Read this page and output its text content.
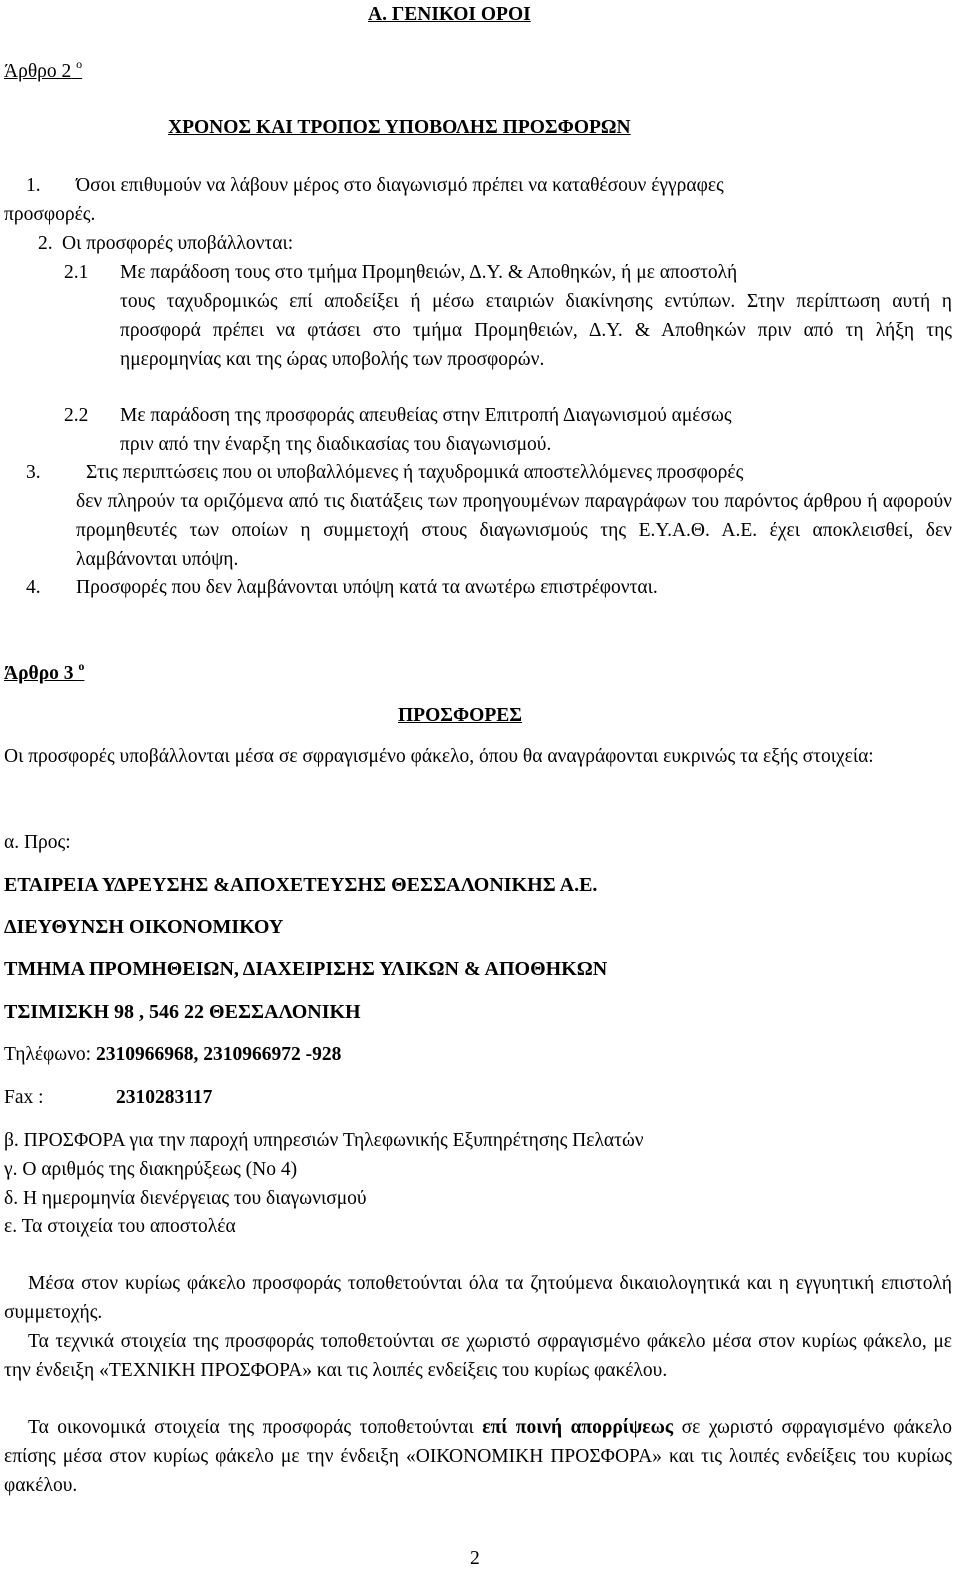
Α. ΓΕΝΙΚΟΙ ΟΡΟΙ
Άρθρο 2 $^o$
ΧΡΟΝΟΣ ΚΑΙ ΤΡΟΠΟΣ ΥΠΟΒΟΛΗΣ ΠΡΟΣΦΟΡΩΝ
1. Όσοι επιθυμούν να λάβουν μέρος στο διαγωνισμό πρέπει να καταθέσουν έγγραφες
προσφορές.
2. Οι προσφορές υποβάλλονται:
2.1 Με παράδοση τους στο τμήμα Προμηθειών, Δ.Υ. & Αποθηκών, ή με αποστολή
τους ταχυδρομικώς επί αποδείξει ή μέσω εταιριών διακίνησης εντύπων. Στην περίπτωση αυτή η προσφορά πρέπει να φτάσει στο τμήμα Προμηθειών, Δ.Υ. & Αποθηκών πριν από τη λήξη της ημερομηνίας και της ώρας υποβολής των προσφορών.
2.2 Με παράδοση της προσφοράς απευθείας στην Επιτροπή Διαγωνισμού αμέσως
πριν από την έναρξη της διαδικασίας του διαγωνισμού.
3. Στις περιπτώσεις που οι υποβαλλόμενες ή ταχυδρομικά αποστελλόμενες προσφορές
δεν πληρούν τα οριζόμενα από τις διατάξεις των προηγουμένων παραγράφων του παρόντος άρθρου ή αφορούν προμηθευτές των οποίων η συμμετοχή στους διαγωνισμούς της Ε.Υ.Α.Θ. Α.Ε. έχει αποκλεισθεί, δεν λαμβάνονται υπόψη.
4. Προσφορές που δεν λαμβάνονται υπόψη κατά τα ανωτέρω επιστρέφονται.
Άρθρο 3 $^o$
ΠΡΟΣΦΟΡΕΣ
Οι προσφορές υποβάλλονται μέσα σε σφραγισμένο φάκελο, όπου θα αναγράφονται ευκρινώς τα εξής στοιχεία:
α. Προς:
ΕΤΑΙΡΕΙΑ ΥΔΡΕΥΣΗΣ &ΑΠΟΧΕΤΕΥΣΗΣ ΘΕΣΣΑΛΟΝΙΚΗΣ Α.Ε.
ΔΙΕΥΘΥΝΣΗ ΟΙΚΟΝΟΜΙΚΟΥ
ΤΜΗΜΑ ΠΡΟΜΗΘΕΙΩΝ, ΔΙΑΧΕΙΡΙΣΗΣ ΥΛΙΚΩΝ & ΑΠΟΘΗΚΩΝ
ΤΣΙΜΙΣΚΗ 98 , 546 22 ΘΕΣΣΑΛΟΝΙΚΗ
Τηλέφωνο: 2310966968, 2310966972 -928
Fax :	2310283117
β. ΠΡΟΣΦΟΡΑ για την παροχή υπηρεσιών Τηλεφωνικής Εξυπηρέτησης Πελατών
γ. Ο αριθμός της διακηρύξεως (Νο 4)
δ. Η ημερομηνία διενέργειας του διαγωνισμού
ε. Τα στοιχεία του αποστολέα
Μέσα στον κυρίως φάκελο προσφοράς τοποθετούνται όλα τα ζητούμενα δικαιολογητικά και η εγγυητική επιστολή συμμετοχής.
Τα τεχνικά στοιχεία της προσφοράς τοποθετούνται σε χωριστό σφραγισμένο φάκελο μέσα στον κυρίως φάκελο, με την ένδειξη «ΤΕΧΝΙΚΗ ΠΡΟΣΦΟΡΑ» και τις λοιπές ενδείξεις του κυρίως φακέλου.
Τα οικονομικά στοιχεία της προσφοράς τοποθετούνται επί ποινή απορρίψεως σε χωριστό σφραγισμένο φάκελο επίσης μέσα στον κυρίως φάκελο με την ένδειξη «ΟΙΚΟΝΟΜΙΚΗ ΠΡΟΣΦΟΡΑ» και τις λοιπές ενδείξεις του κυρίως φακέλου.
2
